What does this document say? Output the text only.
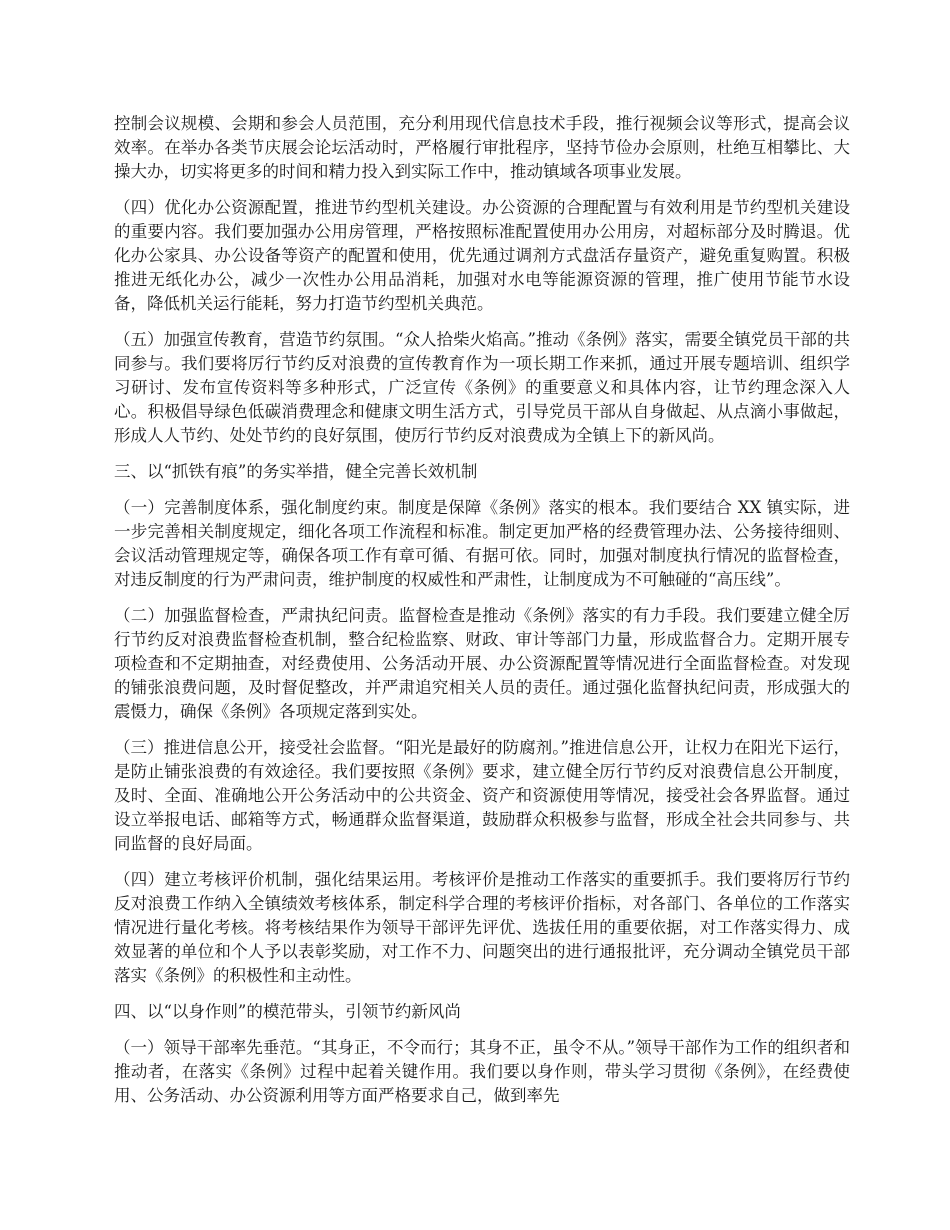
控制会议规模、会期和参会人员范围，充分利用现代信息技术手段，推行视频会议等形式，提高会议效率。在举办各类节庆展会论坛活动时，严格履行审批程序，坚持节俭办会原则，杜绝互相攀比、大操大办，切实将更多的时间和精力投入到实际工作中，推动镇域各项事业发展。

（四）优化办公资源配置，推进节约型机关建设。办公资源的合理配置与有效利用是节约型机关建设的重要内容。我们要加强办公用房管理，严格按照标准配置使用办公用房，对超标部分及时腾退。优化办公家具、办公设备等资产的配置和使用，优先通过调剂方式盘活存量资产，避免重复购置。积极推进无纸化办公，减少一次性办公用品消耗，加强对水电等能源资源的管理，推广使用节能节水设备，降低机关运行能耗，努力打造节约型机关典范。

（五）加强宣传教育，营造节约氛围。“众人拾柴火焰高。”推动《条例》落实，需要全镇党员干部的共同参与。我们要将厉行节约反对浪费的宣传教育作为一项长期工作来抓，通过开展专题培训、组织学习研讨、发布宣传资料等多种形式，广泛宣传《条例》的重要意义和具体内容，让节约理念深入人心。积极倡导绿色低碳消费理念和健康文明生活方式，引导党员干部从自身做起、从点滴小事做起，形成人人节约、处处节约的良好氛围，使厉行节约反对浪费成为全镇上下的新风尚。

三、以“抓铁有痕”的务实举措，健全完善长效机制

（一）完善制度体系，强化制度约束。制度是保障《条例》落实的根本。我们要结合 XX 镇实际，进一步完善相关制度规定，细化各项工作流程和标准。制定更加严格的经费管理办法、公务接待细则、会议活动管理规定等，确保各项工作有章可循、有据可依。同时，加强对制度执行情况的监督检查，对违反制度的行为严肃问责，维护制度的权威性和严肃性，让制度成为不可触碰的“高压线”。

（二）加强监督检查，严肃执纪问责。监督检查是推动《条例》落实的有力手段。我们要建立健全厉行节约反对浪费监督检查机制，整合纪检监察、财政、审计等部门力量，形成监督合力。定期开展专项检查和不定期抽查，对经费使用、公务活动开展、办公资源配置等情况进行全面监督检查。对发现的铺张浪费问题，及时督促整改，并严肃追究相关人员的责任。通过强化监督执纪问责，形成强大的震慑力，确保《条例》各项规定落到实处。

（三）推进信息公开，接受社会监督。“阳光是最好的防腐剂。”推进信息公开，让权力在阳光下运行，是防止铺张浪费的有效途径。我们要按照《条例》要求，建立健全厉行节约反对浪费信息公开制度，及时、全面、准确地公开公务活动中的公共资金、资产和资源使用等情况，接受社会各界监督。通过设立举报电话、邮箱等方式，畅通群众监督渠道，鼓励群众积极参与监督，形成全社会共同参与、共同监督的良好局面。

（四）建立考核评价机制，强化结果运用。考核评价是推动工作落实的重要抓手。我们要将厉行节约反对浪费工作纳入全镇绩效考核体系，制定科学合理的考核评价指标，对各部门、各单位的工作落实情况进行量化考核。将考核结果作为领导干部评先评优、选拔任用的重要依据，对工作落实得力、成效显著的单位和个人予以表彰奖励，对工作不力、问题突出的进行通报批评，充分调动全镇党员干部落实《条例》的积极性和主动性。

四、以“以身作则”的模范带头，引领节约新风尚

（一）领导干部率先垂范。“其身正，不令而行；其身不正，虽令不从。”领导干部作为工作的组织者和推动者，在落实《条例》过程中起着关键作用。我们要以身作则，带头学习贯彻《条例》，在经费使用、公务活动、办公资源利用等方面严格要求自己，做到率先
